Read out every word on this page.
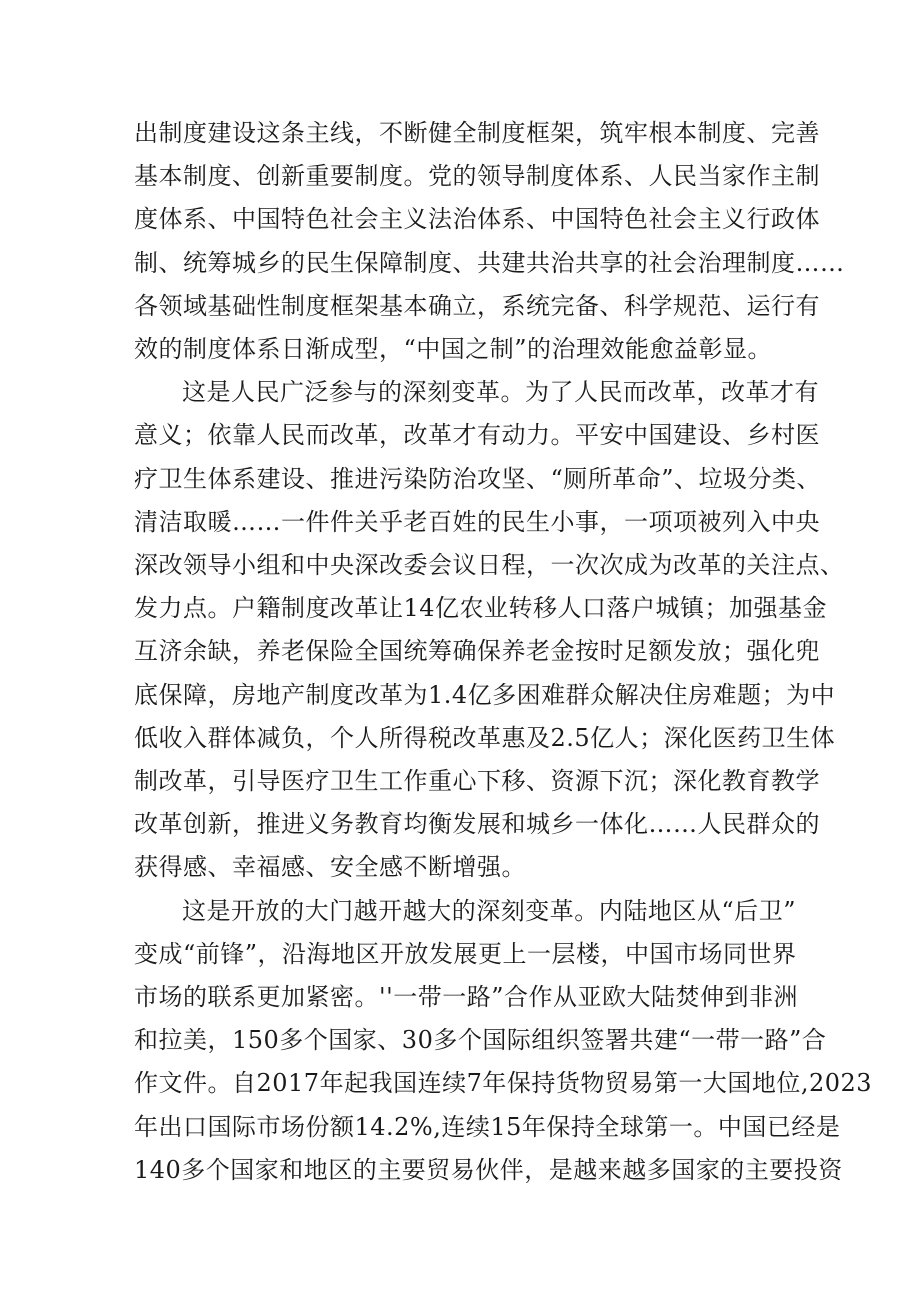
出制度建设这条主线，不断健全制度框架，筑牢根本制度、完善
基本制度、创新重要制度。党的领导制度体系、人民当家作主制
度体系、中国特色社会主义法治体系、中国特色社会主义行政体
制、统筹城乡的民生保障制度、共建共治共享的社会治理制度……
各领域基础性制度框架基本确立，系统完备、科学规范、运行有
效的制度体系日渐成型，“中国之制”的治理效能愈益彰显。
这是人民广泛参与的深刻变革。为了人民而改革，改革才有
意义；依靠人民而改革，改革才有动力。平安中国建设、乡村医
疗卫生体系建设、推进污染防治攻坚、“厕所革命”、垃圾分类、
清洁取暖……一件件关乎老百姓的民生小事，一项项被列入中央
深改领导小组和中央深改委会议日程，一次次成为改革的关注点、
发力点。户籍制度改革让14亿农业转移人口落户城镇；加强基金
互济余缺，养老保险全国统筹确保养老金按时足额发放；强化兜
底保障，房地产制度改革为1.4亿多困难群众解决住房难题；为中
低收入群体减负，个人所得税改革惠及2.5亿人；深化医药卫生体
制改革，引导医疗卫生工作重心下移、资源下沉；深化教育教学
改革创新，推进义务教育均衡发展和城乡一体化……人民群众的
获得感、幸福感、安全感不断增强。
这是开放的大门越开越大的深刻变革。内陆地区从“后卫”
变成“前锋”，沿海地区开放发展更上一层楼，中国市场同世界
市场的联系更加紧密。''一带一路”合作从亚欧大陆焚伸到非洲
和拉美，150多个国家、30多个国际组织签署共建“一带一路”合
作文件。自2017年起我国连续7年保持货物贸易第一大国地位,2023
年出口国际市场份额14.2%,连续15年保持全球第一。中国已经是
140多个国家和地区的主要贸易伙伴，是越来越多国家的主要投资
